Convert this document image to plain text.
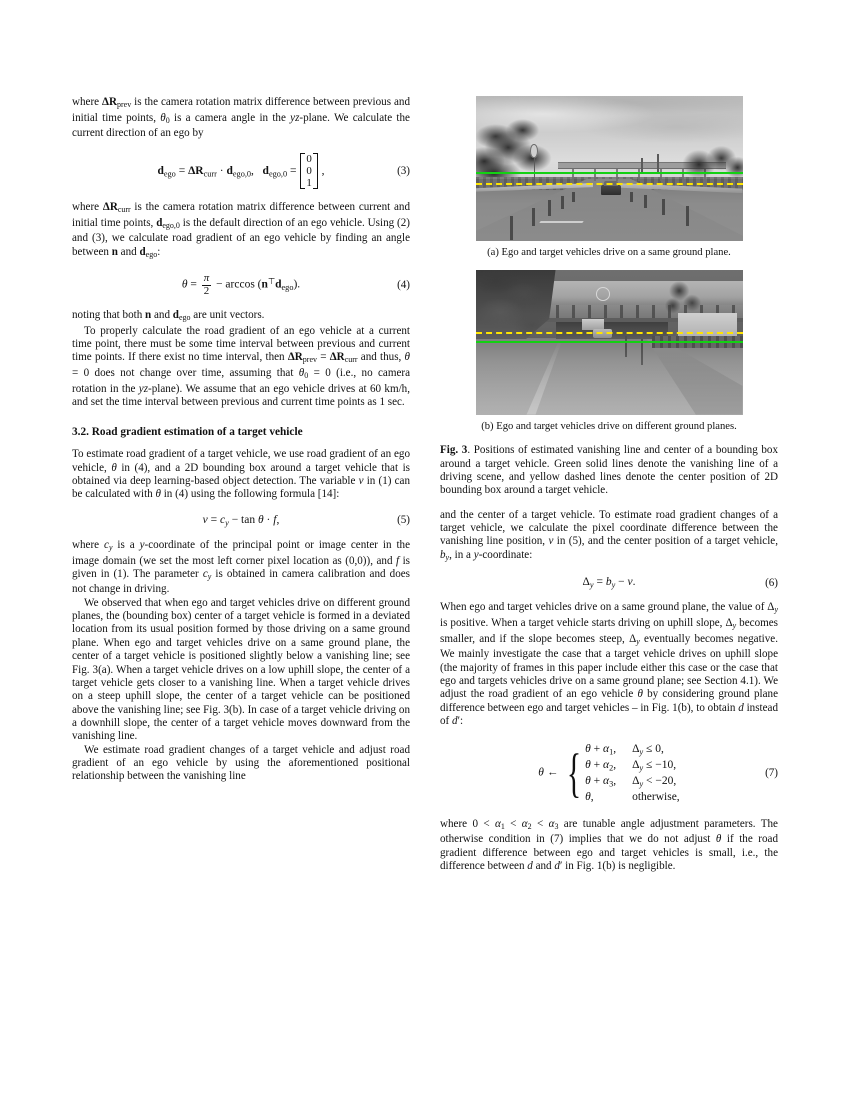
where $\Delta R_{prev}$ is the camera rotation matrix difference between previous and initial time points, $\theta_0$ is a camera angle in the yz-plane. We calculate the current direction of an ego by

$d_{ego} = \Delta R_{curr} \cdot d_{ego,0}$,   $d_{ego,0}$ =
0
0
1
,	(3)

where $\Delta R_{curr}$ is the camera rotation matrix difference between current and initial time points, $d_{ego,0}$ is the default direction of an ego vehicle. Using (2) and (3), we calculate road gradient of an ego vehicle by finding an angle between n and $d_{ego}$:

$\theta = \frac{\pi}{2} - \arccos (n^⊤d_{ego})$.	(4)

noting that both n and $d_{ego}$ are unit vectors.

To properly calculate the road gradient of an ego vehicle at a current time point, there must be some time interval between previous and current time points. If there exist no time interval, then $\Delta R_{prev} = \Delta R_{curr}$ and thus, θ = 0 does not change over time, assuming that $\theta_0 = 0$ (i.e., no camera rotation in the yz-plane). We assume that an ego vehicle drives at 60 km/h, and set the time interval between previous and current time points as 1 sec.

3.2. Road gradient estimation of a target vehicle

To estimate road gradient of a target vehicle, we use road gradient of an ego vehicle, θ in (4), and a 2D bounding box around a target vehicle that is obtained via deep learning-based object detection. The variable v in (1) can be calculated with θ in (4) using the following formula [14]:

$v = c_y - \tan \theta \cdot f$,	(5)

where $c_y$ is a y-coordinate of the principal point or image center in the image domain (we set the most left corner pixel location as (0,0)), and f is given in (1). The parameter $c_y$ is obtained in camera calibration and does not change in driving.

We observed that when ego and target vehicles drive on different ground planes, the (bounding box) center of a target vehicle is formed in a deviated location from its usual position formed by those driving on a same ground plane. When ego and target vehicles drive on a same ground plane, the center of a target vehicle is positioned slightly below a vanishing line; see Fig. 3(a). When a target vehicle drives on a low uphill slope, the center of a target vehicle gets closer to a vanishing line. When a target vehicle drives on a steep uphill slope, the center of a target vehicle can be positioned above the vanishing line; see Fig. 3(b). In case of a target vehicle driving on a downhill slope, the center of a target vehicle moves downward from the vanishing line.

We estimate road gradient changes of a target vehicle and adjust road gradient of an ego vehicle by using the aforementioned positional relationship between the vanishing line

(a) Ego and target vehicles drive on a same ground plane.
(b) Ego and target vehicles drive on different ground planes.

Fig. 3. Positions of estimated vanishing line and center of a bounding box around a target vehicle. Green solid lines denote the vanishing line of a driving scene, and yellow dashed lines denote the center position of 2D bounding box around a target vehicle.

and the center of a target vehicle. To estimate road gradient changes of a target vehicle, we calculate the pixel coordinate difference between the vanishing line position, v in (5), and the center position of a target vehicle, $b_y$, in a y-coordinate:

$\Delta_y = b_y - v$.	(6)

When ego and target vehicles drive on a same ground plane, the value of $\Delta_y$ is positive. When a target vehicle starts driving on uphill slope, $\Delta_y$ becomes smaller, and if the slope becomes steep, $\Delta_y$ eventually becomes negative. We mainly investigate the case that a target vehicle drives on uphill slope (the majority of frames in this paper include either this case or the case that ego and targets vehicles drive on a same ground plane; see Section 4.1). We adjust the road gradient of an ego vehicle θ by considering ground plane difference between ego and target vehicles – in Fig. 1(b), to obtain d instead of d′:

θ ← { $\theta + \alpha_1$,	$\Delta_y \le 0$,
$\theta + \alpha_2$,	$\Delta_y \le -10$,
$\theta + \alpha_3$,	$\Delta_y < -20$,
θ,	otherwise,
(7)

where $0 < \alpha_1 < \alpha_2 < \alpha_3$ are tunable angle adjustment parameters. The otherwise condition in (7) implies that we do not adjust θ if the road gradient difference between ego and target vehicles is small, i.e., the difference between d and d′ in Fig. 1(b) is negligible.
